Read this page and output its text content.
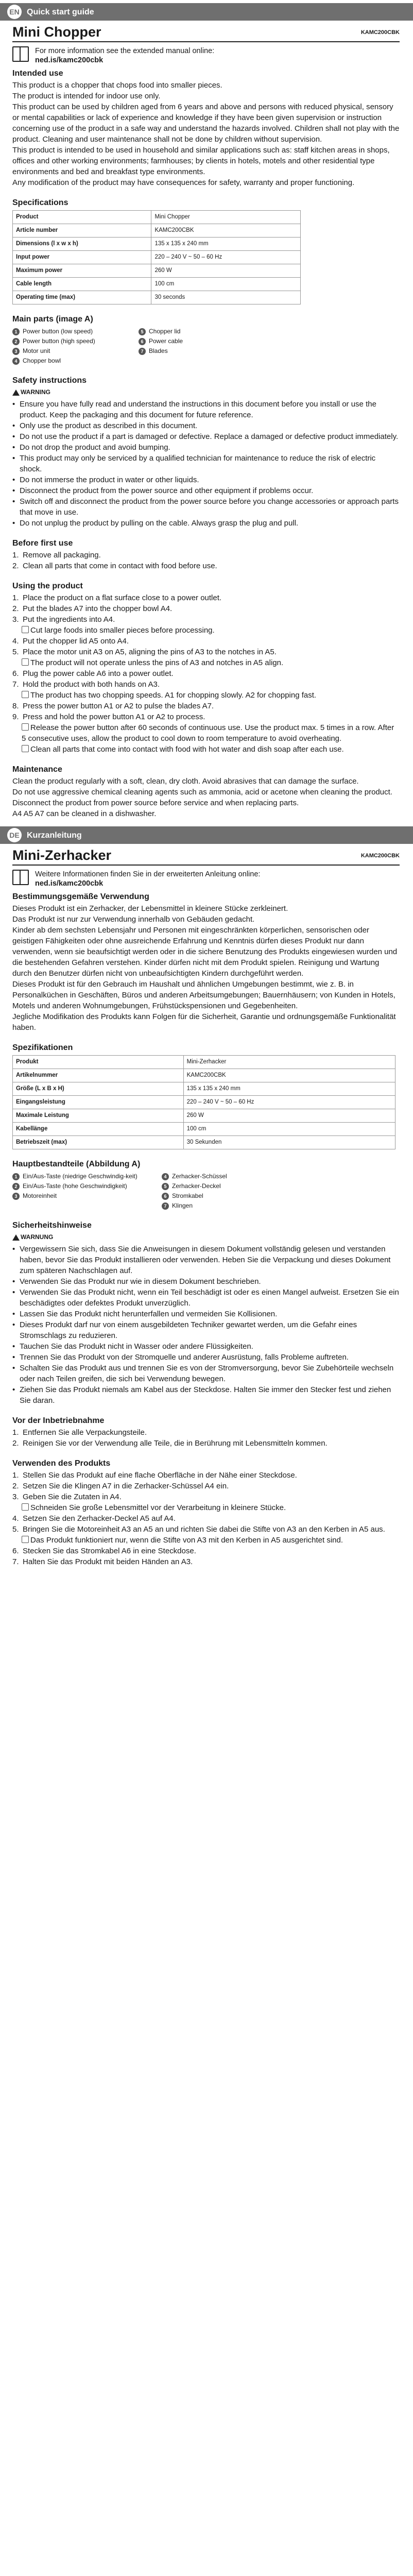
EN Quick start guide
Mini Chopper	KAMC200CBK
For more information see the extended manual online:
ned.is/kamc200cbk
Intended use

This product is a chopper that chops food into smaller pieces.

The product is intended for indoor use only.

This product can be used by children aged from 6 years and above and persons with reduced physical, sensory or mental capabilities or lack of experience and knowledge if they have been given supervision or instruction concerning use of the product in a safe way and understand the hazards involved. Children shall not play with the product. Cleaning and user maintenance shall not be done by children without supervision.

This product is intended to be used in household and similar applications such as: staff kitchen areas in shops, offices and other working environments; farmhouses; by clients in hotels, motels and other residential type environments and bed and breakfast type environments.

Any modification of the product may have consequences for safety, warranty and proper functioning.

Specifications
Product	Mini Chopper
Article number	KAMC200CBK
Dimensions (l x w x h)	135 x 135 x 240 mm
Input power	220 – 240 V ~ 50 – 60 Hz
Maximum power	260 W
Cable length	100 cm
Operating time (max)	30 seconds
Main parts (image A)
1 Power button (low speed)	5 Chopper lid
2 Power button (high speed)	6 Power cable
3 Motor unit	7 Blades
4 Chopper bowl
Safety instructions
WARNING
• Ensure you have fully read and understand the instructions in this document before you install or use the product. Keep the packaging and this document for future reference.
• Only use the product as described in this document.
• Do not use the product if a part is damaged or defective. Replace a damaged or defective product immediately.
• Do not drop the product and avoid bumping.
• This product may only be serviced by a qualified technician for maintenance to reduce the risk of electric shock.
• Do not immerse the product in water or other liquids.
• Disconnect the product from the power source and other equipment if problems occur.
• Switch off and disconnect the product from the power source before you change accessories or approach parts that move in use.
• Do not unplug the product by pulling on the cable. Always grasp the plug and pull.
Before first use
1. Remove all packaging.
2. Clean all parts that come in contact with food before use.
Using the product
1. Place the product on a flat surface close to a power outlet.
2. Put the blades A7 into the chopper bowl A4.
3. Put the ingredients into A4.
Cut large foods into smaller pieces before processing.
4. Put the chopper lid A5 onto A4.
5. Place the motor unit A3 on A5, aligning the pins of A3 to the notches in A5.
The product will not operate unless the pins of A3 and notches in A5 align.
6. Plug the power cable A6 into a power outlet.
7. Hold the product with both hands on A3.
The product has two chopping speeds. A1 for chopping slowly. A2 for chopping fast.
8. Press the power button A1 or A2 to pulse the blades A7.
9. Press and hold the power button A1 or A2 to process.
Release the power button after 60 seconds of continuous use. Use the product max. 5 times in a row. After 5 consecutive uses, allow the product to cool down to room temperature to avoid overheating.
Clean all parts that come into contact with food with hot water and dish soap after each use.
Maintenance

Clean the product regularly with a soft, clean, dry cloth. Avoid abrasives that can damage the surface.

Do not use aggressive chemical cleaning agents such as ammonia, acid or acetone when cleaning the product.

Disconnect the product from power source before service and when replacing parts.

A4 A5 A7 can be cleaned in a dishwasher.

DE Kurzanleitung
Mini-Zerhacker	KAMC200CBK
Weitere Informationen finden Sie in der erweiterten Anleitung online:
ned.is/kamc200cbk
Bestimmungsgemäße Verwendung

Dieses Produkt ist ein Zerhacker, der Lebensmittel in kleinere Stücke zerkleinert.

Das Produkt ist nur zur Verwendung innerhalb von Gebäuden gedacht.

Kinder ab dem sechsten Lebensjahr und Personen mit eingeschränkten körperlichen, sensorischen oder geistigen Fähigkeiten oder ohne ausreichende Erfahrung und Kenntnis dürfen dieses Produkt nur dann verwenden, wenn sie beaufsichtigt werden oder in die sichere Benutzung des Produkts eingewiesen wurden und die bestehenden Gefahren verstehen. Kinder dürfen nicht mit dem Produkt spielen. Reinigung und Wartung durch den Benutzer dürfen nicht von unbeaufsichtigten Kindern durchgeführt werden.

Dieses Produkt ist für den Gebrauch im Haushalt und ähnlichen Umgebungen bestimmt, wie z. B. in Personalküchen in Geschäften, Büros und anderen Arbeitsumgebungen; Bauernhäusern; von Kunden in Hotels, Motels und anderen Wohnumgebungen, Frühstückspensionen und Gegebenheiten.

Jegliche Modifikation des Produkts kann Folgen für die Sicherheit, Garantie und ordnungsgemäße Funktionalität haben.

Spezifikationen
Produkt	Mini-Zerhacker
Artikelnummer	KAMC200CBK
Größe (L x B x H)	135 x 135 x 240 mm
Eingangsleistung	220 – 240 V ~ 50 – 60 Hz
Maximale Leistung	260 W
Kabellänge	100 cm
Betriebszeit (max)	30 Sekunden
Hauptbestandteile (Abbildung A)
1 Ein/Aus-Taste (niedrige Geschwindig-keit)	4 Zerhacker-Schüssel
2 Ein/Aus-Taste (hohe Geschwindigkeit)	5 Zerhacker-Deckel
3 Motoreinheit	6 Stromkabel
7 Klingen
Sicherheitshinweise
WARNUNG
• Vergewissern Sie sich, dass Sie die Anweisungen in diesem Dokument vollständig gelesen und verstanden haben, bevor Sie das Produkt installieren oder verwenden. Heben Sie die Verpackung und dieses Dokument zum späteren Nachschlagen auf.
• Verwenden Sie das Produkt nur wie in diesem Dokument beschrieben.
• Verwenden Sie das Produkt nicht, wenn ein Teil beschädigt ist oder es einen Mangel aufweist. Ersetzen Sie ein beschädigtes oder defektes Produkt unverzüglich.
• Lassen Sie das Produkt nicht herunterfallen und vermeiden Sie Kollisionen.
• Dieses Produkt darf nur von einem ausgebildeten Techniker gewartet werden, um die Gefahr eines Stromschlags zu reduzieren.
• Tauchen Sie das Produkt nicht in Wasser oder andere Flüssigkeiten.
• Trennen Sie das Produkt von der Stromquelle und anderer Ausrüstung, falls Probleme auftreten.
• Schalten Sie das Produkt aus und trennen Sie es von der Stromversorgung, bevor Sie Zubehörteile wechseln oder nach Teilen greifen, die sich bei Verwendung bewegen.
• Ziehen Sie das Produkt niemals am Kabel aus der Steckdose. Halten Sie immer den Stecker fest und ziehen Sie daran.
Vor der Inbetriebnahme
1. Entfernen Sie alle Verpackungsteile.
2. Reinigen Sie vor der Verwendung alle Teile, die in Berührung mit Lebensmitteln kommen.
Verwenden des Produkts
1. Stellen Sie das Produkt auf eine flache Oberfläche in der Nähe einer Steckdose.
2. Setzen Sie die Klingen A7 in die Zerhacker-Schüssel A4 ein.
3. Geben Sie die Zutaten in A4.
Schneiden Sie große Lebensmittel vor der Verarbeitung in kleinere Stücke.
4. Setzen Sie den Zerhacker-Deckel A5 auf A4.
5. Bringen Sie die Motoreinheit A3 an A5 an und richten Sie dabei die Stifte von A3 an den Kerben in A5 aus.
Das Produkt funktioniert nur, wenn die Stifte von A3 mit den Kerben in A5 ausgerichtet sind.
6. Stecken Sie das Stromkabel A6 in eine Steckdose.
7. Halten Sie das Produkt mit beiden Händen an A3.
